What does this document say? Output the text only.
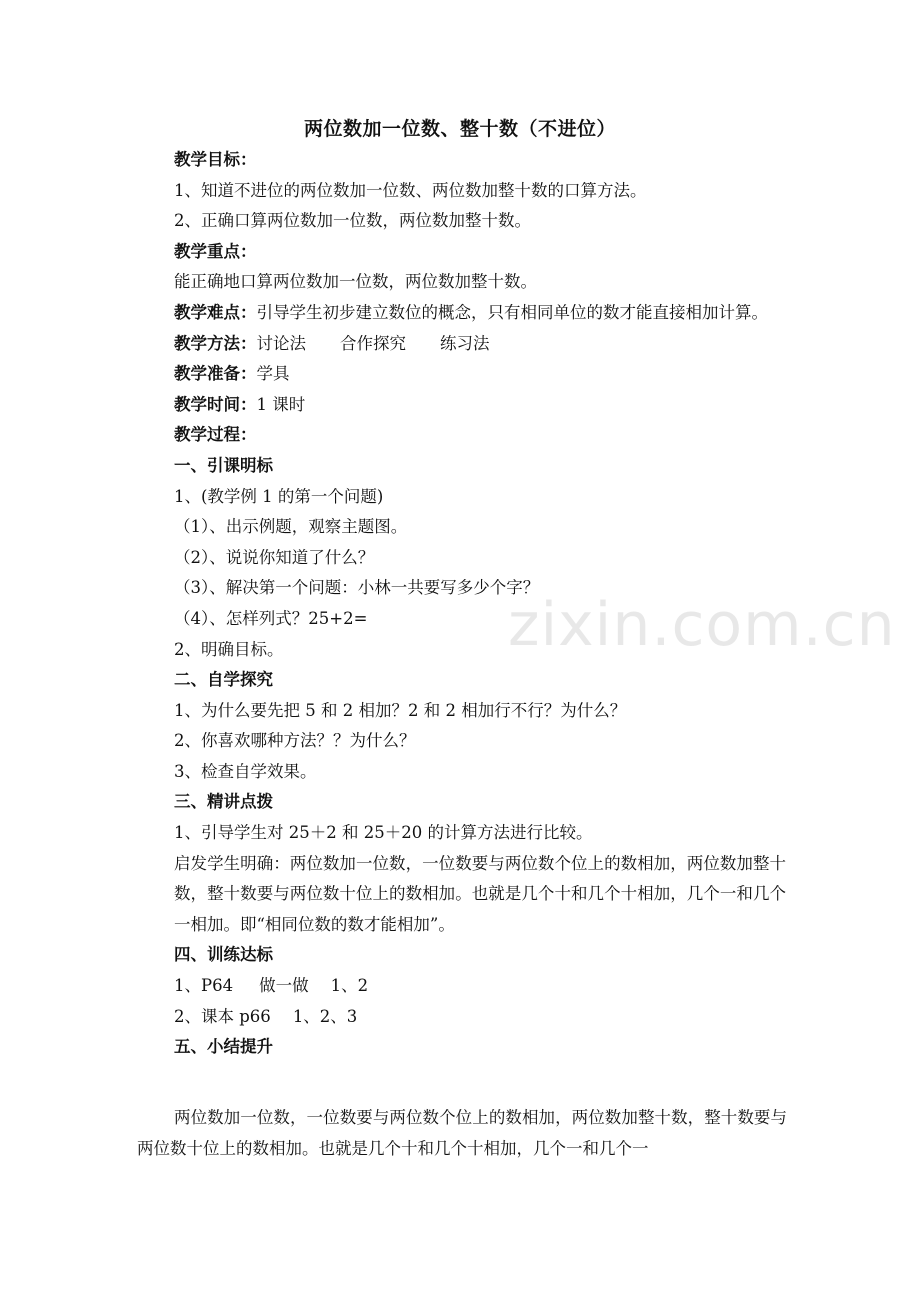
zixin.com.cn
两位数加一位数、整十数（不进位）
教学目标：
1、知道不进位的两位数加一位数、两位数加整十数的口算方法。
2、正确口算两位数加一位数，两位数加整十数。
教学重点：
能正确地口算两位数加一位数，两位数加整十数。
教学难点：引导学生初步建立数位的概念，只有相同单位的数才能直接相加计算。
教学方法：讨论法 合作探究 练习法
教学准备：学具
教学时间：1 课时
教学过程：
一、引课明标
1、(教学例 1 的第一个问题)
（1）、出示例题，观察主题图。
（2）、说说你知道了什么？
（3）、解决第一个问题：小林一共要写多少个字？
（4）、怎样列式？25+2=
2、明确目标。
二、自学探究
1、为什么要先把 5 和 2 相加？2 和 2 相加行不行？为什么？
2、你喜欢哪种方法？？为什么？
3、检查自学效果。
三、精讲点拨
1、引导学生对 25＋2 和 25＋20 的计算方法进行比较。
启发学生明确：两位数加一位数，一位数要与两位数个位上的数相加，两位数加整十数，整十数要与两位数十位上的数相加。也就是几个十和几个十相加，几个一和几个一相加。即“相同位数的数才能相加”。
四、训练达标
1、P64 做一做 1、2
2、课本 p66 1、2、3
五、小结提升
两位数加一位数，一位数要与两位数个位上的数相加，两位数加整十数，整十数要与两位数十位上的数相加。也就是几个十和几个十相加，几个一和几个一
